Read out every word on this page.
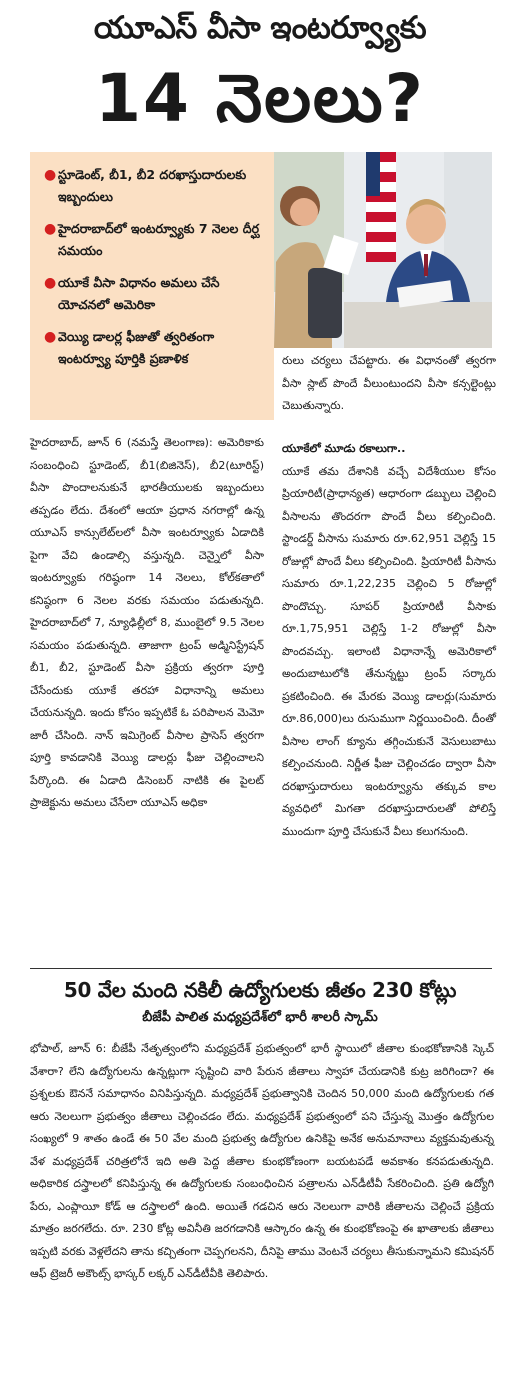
యూఎస్ వీసా ఇంటర్వ్యూకు
14 నెలలు?
● స్టూడెంట్, బీ1, బీ2 దరఖాస్తుదారులకు ఇబ్బందులు
● హైదరాబాద్‌లో ఇంటర్వ్యూకు 7 నెలల దీర్ఘ సమయం
● యూకే వీసా విధానం అమలు చేసే యోచనలో అమెరికా
● వెయ్యి డాలర్ల ఫీజుతో త్వరితంగా ఇంటర్వ్యూ పూర్తికి ప్రణాళిక

హైదరాబాద్, జూన్ 6 (నమస్తే తెలంగాణ): అమెరికాకు సంబంధించి స్టూడెంట్, బీ1(బిజినెస్), బీ2(టూరిస్ట్) వీసా పొందాలనుకునే భారతీయులకు ఇబ్బందులు తప్పడం లేదు. దేశంలో ఆయా ప్రధాన నగరాల్లో ఉన్న యూఎస్ కాన్సులేట్‌లలో వీసా ఇంటర్వ్యూకు ఏడాదికి పైగా వేచి ఉండాల్సి వస్తున్నది. చెన్నైలో వీసా ఇంటర్వ్యూకు గరిష్ఠంగా 14 నెలలు, కోల్‌కతాలో కనిష్ఠంగా 6 నెలల వరకు సమయం పడుతున్నది. హైదరాబాద్‌లో 7, న్యూఢిల్లీలో 8, ముంబైలో 9.5 నెలల సమయం పడుతున్నది. తాజాగా ట్రంప్ అడ్మినిస్ట్రేషన్ బీ1, బీ2, స్టూడెంట్ వీసా ప్రక్రియ త్వరగా పూర్తి చేసేందుకు యూకే తరహా విధానాన్ని అమలు చేయనున్నది. ఇందు కోసం ఇప్పటికే ఓ పరిపాలన మెమో జారీ చేసింది. నాన్ ఇమిగ్రెంట్ వీసాల ప్రాసెస్ త్వరగా పూర్తి కావడానికి వెయ్యి డాలర్లు ఫీజు చెల్లించాలని పేర్కొంది. ఈ ఏడాది డిసెంబర్ నాటికి ఈ పైలట్ ప్రాజెక్టును అమలు చేసేలా యూఎస్ అధికా

రులు చర్యలు చేపట్టారు. ఈ విధానంతో త్వరగా వీసా స్లాట్ పొందే వీలుంటుందని వీసా కన్సల్టెంట్లు చెబుతున్నారు.

యూకేలో మూడు రకాలుగా..

యూకే తమ దేశానికి వచ్చే విదేశీయుల కోసం ప్రియారిటీ(ప్రాధాన్యత) ఆధారంగా డబ్బులు చెల్లించి వీసాలను తొందరగా పొందే వీలు కల్పించింది. స్టాండర్డ్ వీసాను సుమారు రూ.62,951 చెల్లిస్తే 15 రోజుల్లో పొందే వీలు కల్పించింది. ప్రియారిటీ వీసాను సుమారు రూ.1,22,235 చెల్లించి 5 రోజుల్లో పొందొచ్చు. సూపర్ ప్రియారిటీ వీసాకు రూ.1,75,951 చెల్లిస్తే 1-2 రోజుల్లో వీసా పొందవచ్చు. ఇలాంటి విధానాన్నే అమెరికాలో అందుబాటులోకి తేనున్నట్టు ట్రంప్ సర్కారు ప్రకటించింది. ఈ మేరకు వెయ్యి డాలర్లు(సుమారు రూ.86,000)లు రుసుముగా నిర్ణయించింది. దీంతో వీసాల లాంగ్ క్యూను తగ్గించుకునే వెసులుబాటు కల్పించనుంది. నిర్ణీత ఫీజు చెల్లించడం ద్వారా వీసా దరఖాస్తుదారులు ఇంటర్వ్యూను తక్కువ కాల వ్యవధిలో మిగతా దరఖాస్తుదారులతో పోలిస్తే ముందుగా పూర్తి చేసుకునే వీలు కలుగనుంది.

50 వేల మంది నకిలీ ఉద్యోగులకు జీతం 230 కోట్లు
బీజేపీ పాలిత మధ్యప్రదేశ్‌లో భారీ శాలరీ స్కామ్

భోపాల్, జూన్ 6: బీజేపీ నేతృత్వంలోని మధ్యప్రదేశ్ ప్రభుత్వంలో భారీ స్థాయిలో జీతాల కుంభకోణానికి స్కెచ్ వేశారా? లేని ఉద్యోగులను ఉన్నట్లుగా సృష్టించి వారి పేరున జీతాలు స్వాహా చేయడానికి కుట్ర జరిగిందా? ఈ ప్రశ్నలకు ఔననే సమాధానం వినిపిస్తున్నది. మధ్యప్రదేశ్ ప్రభుత్వానికి చెందిన 50,000 మంది ఉద్యోగులకు గత ఆరు నెలలుగా ప్రభుత్వం జీతాలు చెల్లించడం లేదు. మధ్యప్రదేశ్ ప్రభుత్వంలో పని చేస్తున్న మొత్తం ఉద్యోగుల సంఖ్యలో 9 శాతం ఉండే ఈ 50 వేల మంది ప్రభుత్వ ఉద్యోగుల ఉనికిపై అనేక అనుమానాలు వ్యక్తమవుతున్న వేళ మధ్యప్రదేశ్ చరిత్రలోనే ఇది అతి పెద్ద జీతాల కుంభకోణంగా బయటపడే అవకాశం కనపడుతున్నది. అధికారిక దస్త్రాలలో కనిపిస్తున్న ఈ ఉద్యోగులకు సంబంధించిన పత్రాలను ఎన్‌డీటీవీ సేకరించింది. ప్రతి ఉద్యోగి పేరు, ఎంప్లాయీ కోడ్ ఆ దస్త్రాలలో ఉంది. అయితే గడచిన ఆరు నెలలుగా వారికి జీతాలను చెల్లించే ప్రక్రియ మాత్రం జరగలేదు. రూ. 230 కోట్ల అవినీతి జరగడానికి ఆస్కారం ఉన్న ఈ కుంభకోణంపై ఈ ఖాతాలకు జీతాలు ఇప్పటి వరకు వెళ్లలేదని తాను కచ్చితంగా చెప్పగలనని, దీనిపై తాము వెంటనే చర్యలు తీసుకున్నామని కమిషనర్ ఆఫ్ ట్రెజరీ అకౌంట్స్ భాస్కర్ లక్కర్ ఎన్‌డీటీవీకి తెలిపారు.
